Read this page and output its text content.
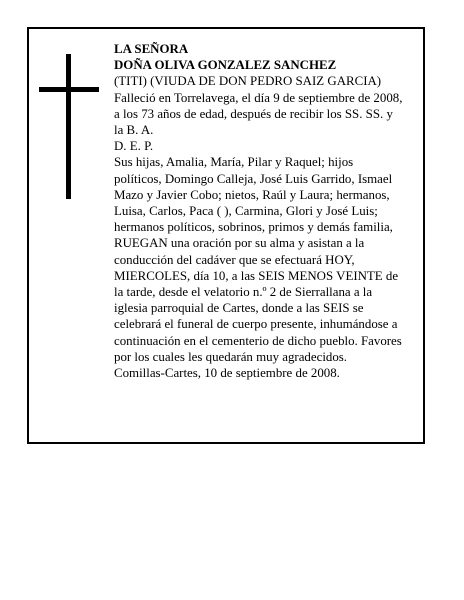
LA SEÑORA
DOÑA OLIVA GONZALEZ SANCHEZ
(TITI) (VIUDA DE DON PEDRO SAIZ GARCIA)
Falleció en Torrelavega, el día 9 de septiembre de 2008,
a los 73 años de edad, después de recibir los SS. SS. y
la B. A.
D. E. P.
Sus hijas, Amalia, María, Pilar y Raquel; hijos
políticos, Domingo Calleja, José Luis Garrido, Ismael
Mazo y Javier Cobo; nietos, Raúl y Laura; hermanos,
Luisa, Carlos, Paca ( ), Carmina, Glori y José Luis;
hermanos políticos, sobrinos, primos y demás familia,
RUEGAN una oración por su alma y asistan a la
conducción del cadáver que se efectuará HOY,
MIERCOLES, día 10, a las SEIS MENOS VEINTE de
la tarde, desde el velatorio n.º 2 de Sierrallana a la
iglesia parroquial de Cartes, donde a las SEIS se
celebrará el funeral de cuerpo presente, inhumándose a
continuación en el cementerio de dicho pueblo. Favores
por los cuales les quedarán muy agradecidos.
Comillas-Cartes, 10 de septiembre de 2008.
